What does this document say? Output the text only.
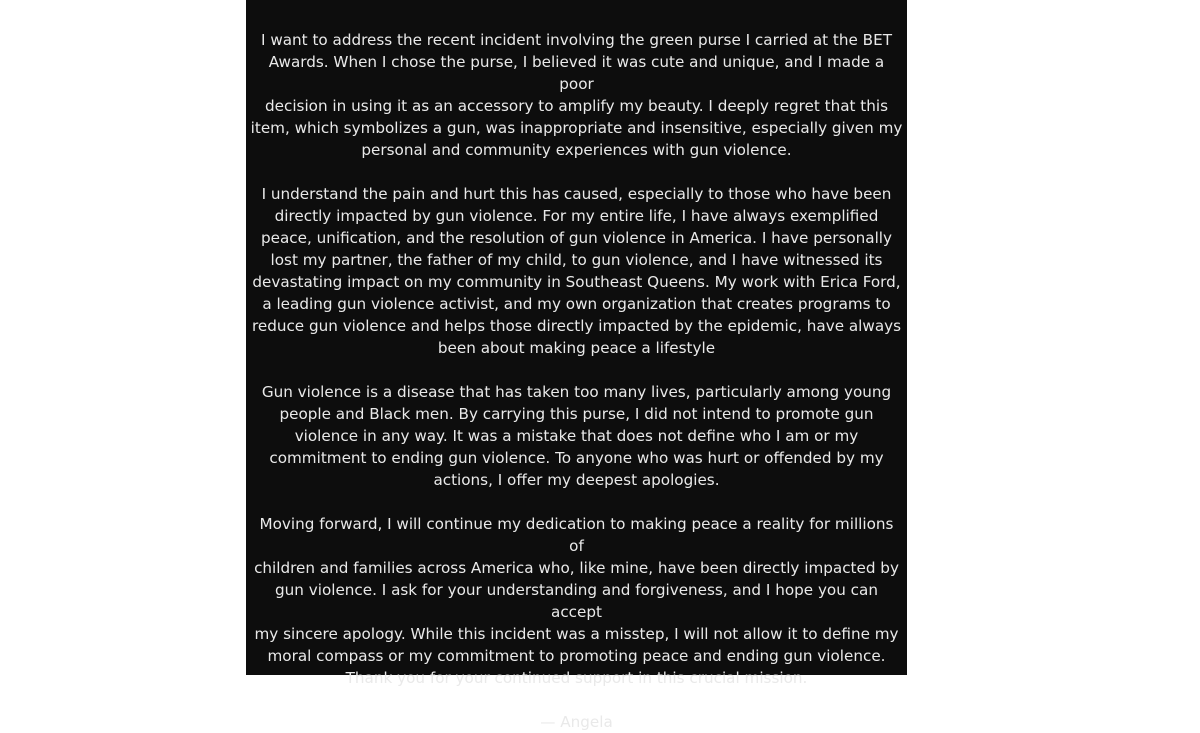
I want to address the recent incident involving the green purse I carried at the BET
Awards. When I chose the purse, I believed it was cute and unique, and I made a poor
decision in using it as an accessory to amplify my beauty. I deeply regret that this
item, which symbolizes a gun, was inappropriate and insensitive, especially given my
personal and community experiences with gun violence.

I understand the pain and hurt this has caused, especially to those who have been
directly impacted by gun violence. For my entire life, I have always exemplified
peace, unification, and the resolution of gun violence in America. I have personally
lost my partner, the father of my child, to gun violence, and I have witnessed its
devastating impact on my community in Southeast Queens. My work with Erica Ford,
a leading gun violence activist, and my own organization that creates programs to
reduce gun violence and helps those directly impacted by the epidemic, have always
been about making peace a lifestyle

Gun violence is a disease that has taken too many lives, particularly among young
people and Black men. By carrying this purse, I did not intend to promote gun
violence in any way. It was a mistake that does not define who I am or my
commitment to ending gun violence. To anyone who was hurt or offended by my
actions, I offer my deepest apologies.

Moving forward, I will continue my dedication to making peace a reality for millions of
children and families across America who, like mine, have been directly impacted by
gun violence. I ask for your understanding and forgiveness, and I hope you can accept
my sincere apology. While this incident was a misstep, I will not allow it to define my
moral compass or my commitment to promoting peace and ending gun violence.
Thank you for your continued support in this crucial mission.

— Angela
